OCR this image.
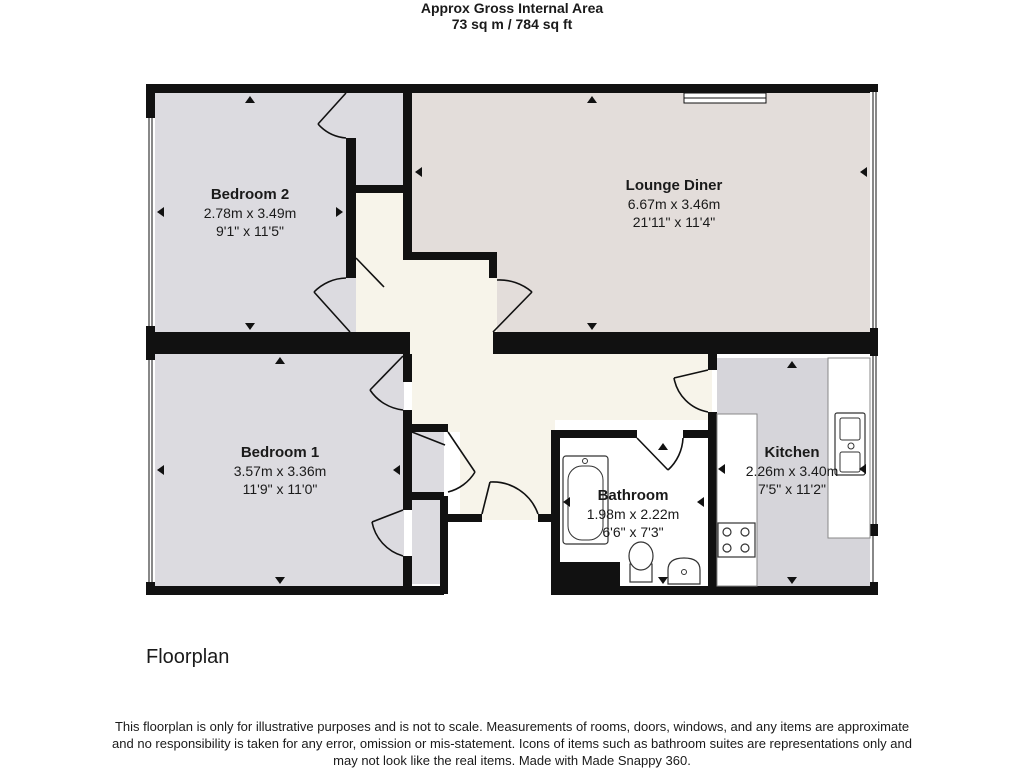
Approx Gross Internal Area
73 sq m / 784 sq ft
Bedroom 2
2.78m x 3.49m
9'1" x 11'5"
Lounge Diner
6.67m x 3.46m
21'11" x 11'4"
Bedroom 1
3.57m x 3.36m
11'9" x 11'0"
Kitchen
2.26m x 3.40m
7'5" x 11'2"
Bathroom
1.98m x 2.22m
6'6" x 7'3"
Floorplan
This floorplan is only for illustrative purposes and is not to scale. Measurements of rooms, doors, windows, and any items are approximate
and no responsibility is taken for any error, omission or mis-statement. Icons of items such as bathroom suites are representations only and
may not look like the real items. Made with Made Snappy 360.
